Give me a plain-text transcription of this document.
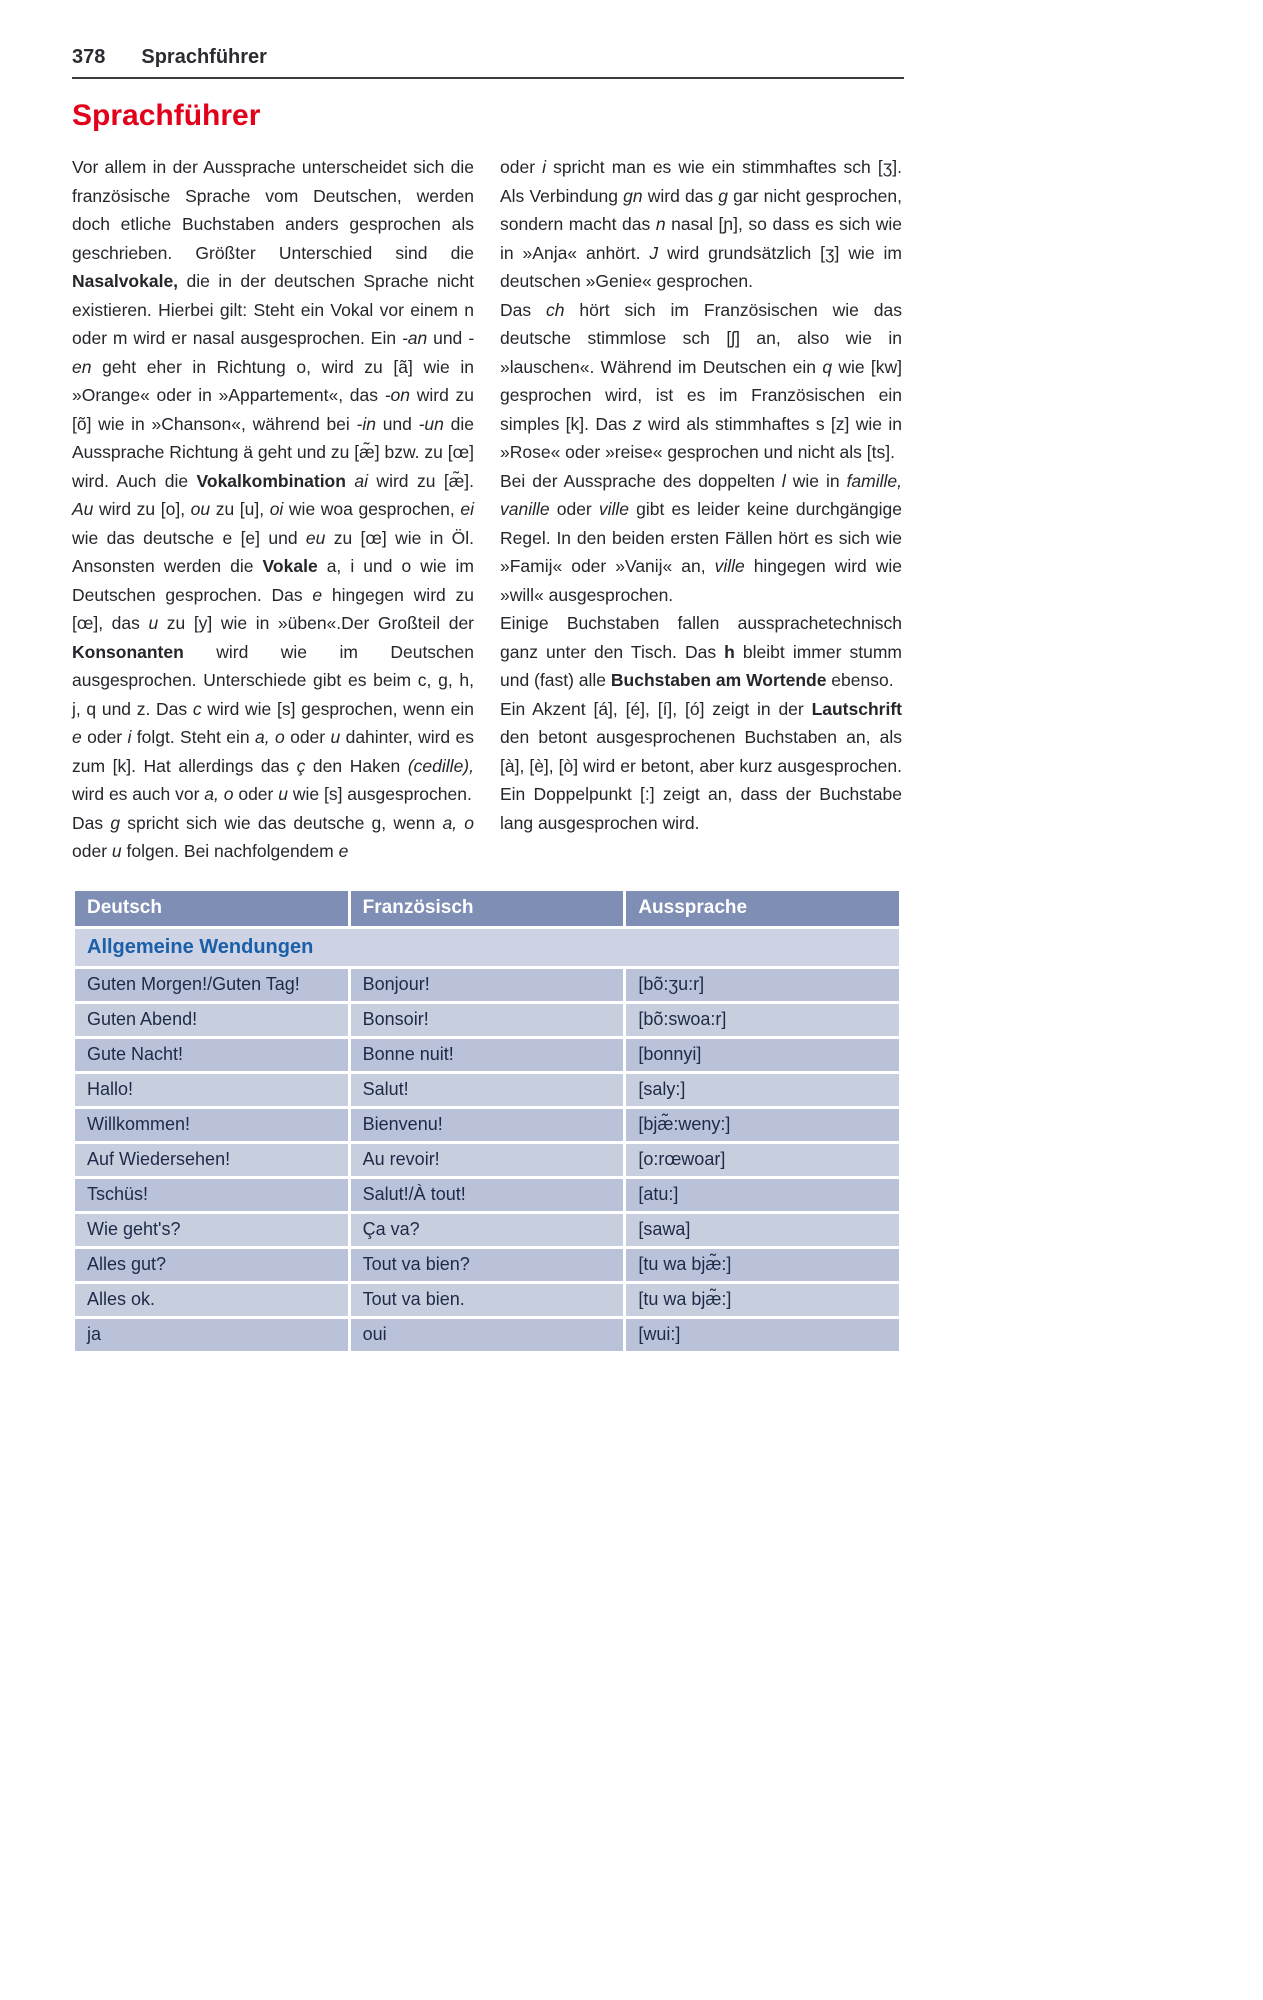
378 Sprachführer
Sprachführer

Vor allem in der Aussprache unterscheidet sich die französische Sprache vom Deutschen, werden doch etliche Buchstaben anders gesprochen als geschrieben. Größter Unterschied sind die Nasalvokale, die in der deutschen Sprache nicht existieren. Hierbei gilt: Steht ein Vokal vor einem n oder m wird er nasal ausgesprochen. Ein -an und -en geht eher in Richtung o, wird zu [ã] wie in »Orange« oder in »Appartement«, das -on wird zu [õ] wie in »Chanson«, während bei -in und -un die Aussprache Richtung ä geht und zu [æ̃] bzw. zu [œ] wird. Auch die Vokalkombination ai wird zu [æ̃]. Au wird zu [o], ou zu [u], oi wie woa gesprochen, ei wie das deutsche e [e] und eu zu [œ] wie in Öl. Ansonsten werden die Vokale a, i und o wie im Deutschen gesprochen. Das e hingegen wird zu [œ], das u zu [y] wie in »üben«.Der Großteil der Konsonanten wird wie im Deutschen ausgesprochen. Unterschiede gibt es beim c, g, h, j, q und z. Das c wird wie [s] gesprochen, wenn ein e oder i folgt. Steht ein a, o oder u dahinter, wird es zum [k]. Hat allerdings das ç den Haken (cedille), wird es auch vor a, o oder u wie [s] ausgesprochen.

Das g spricht sich wie das deutsche g, wenn a, o oder u folgen. Bei nachfolgendem e

oder i spricht man es wie ein stimmhaftes sch [ʒ]. Als Verbindung gn wird das g gar nicht gesprochen, sondern macht das n nasal [ɲ], so dass es sich wie in »Anja« anhört. J wird grundsätzlich [ʒ] wie im deutschen »Genie« gesprochen.

Das ch hört sich im Französischen wie das deutsche stimmlose sch [ʃ] an, also wie in »lauschen«. Während im Deutschen ein q wie [kw] gesprochen wird, ist es im Französischen ein simples [k]. Das z wird als stimmhaftes s [z] wie in »Rose« oder »reise« gesprochen und nicht als [ts].

Bei der Aussprache des doppelten l wie in famille, vanille oder ville gibt es leider keine durchgängige Regel. In den beiden ersten Fällen hört es sich wie »Famij« oder »Vanij« an, ville hingegen wird wie »will« ausgesprochen.

Einige Buchstaben fallen aussprachetechnisch ganz unter den Tisch. Das h bleibt immer stumm und (fast) alle Buchstaben am Wortende ebenso.

Ein Akzent [á], [é], [í], [ó] zeigt in der Lautschrift den betont ausgesprochenen Buchstaben an, als [à], [è], [ò] wird er betont, aber kurz ausgesprochen. Ein Doppelpunkt [:] zeigt an, dass der Buchstabe lang ausgesprochen wird.

Deutsch	Französisch	Aussprache
Allgemeine Wendungen		
Guten Morgen!/Guten Tag!	Bonjour!	[bõ:ʒu:r]
Guten Abend!	Bonsoir!	[bõ:swoa:r]
Gute Nacht!	Bonne nuit!	[bonnyi]
Hallo!	Salut!	[saly:]
Willkommen!	Bienvenu!	[bjæ̃:weny:]
Auf Wiedersehen!	Au revoir!	[o:rœwoar]
Tschüs!	Salut!/À tout!	[atu:]
Wie geht's?	Ça va?	[sawa]
Alles gut?	Tout va bien?	[tu wa bjæ̃:]
Alles ok.	Tout va bien.	[tu wa bjæ̃:]
ja	oui	[wui:]
